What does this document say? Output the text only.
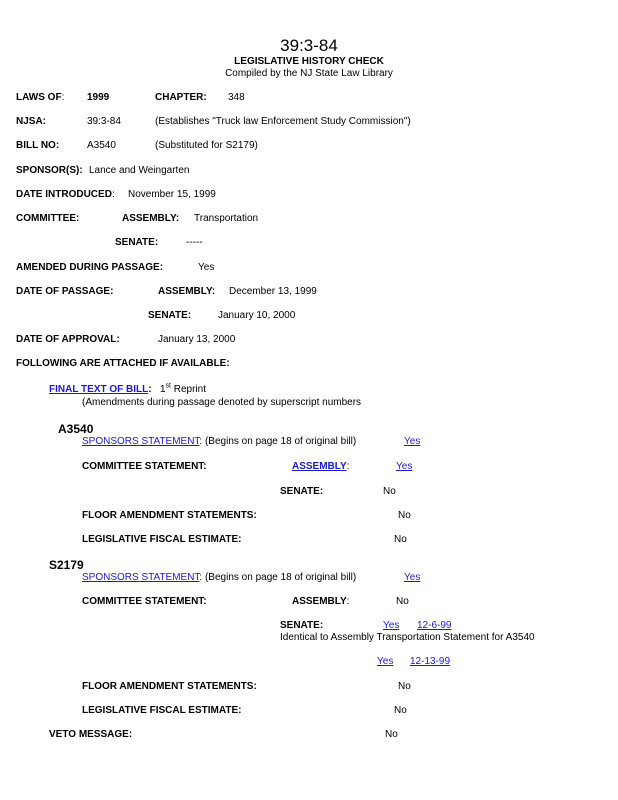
39:3-84
LEGISLATIVE HISTORY CHECK
Compiled by the NJ State Law Library
LAWS OF: 1999	CHAPTER: 348
NJSA:	39:3-84	(Establishes "Truck law Enforcement Study Commission")
BILL NO:	A3540	(Substituted for S2179)
SPONSOR(S): Lance and Weingarten
DATE INTRODUCED: November 15, 1999
COMMITTEE:	ASSEMBLY: Transportation
SENATE:	-----
AMENDED DURING PASSAGE:	Yes
DATE OF PASSAGE:	ASSEMBLY: December 13, 1999
SENATE:	January 10, 2000
DATE OF APPROVAL:	January 13, 2000
FOLLOWING ARE ATTACHED IF AVAILABLE:
FINAL TEXT OF BILL: 1st Reprint
(Amendments during passage denoted by superscript numbers
A3540
SPONSORS STATEMENT: (Begins on page 18 of original bill)	Yes
COMMITTEE STATEMENT:	ASSEMBLY:	Yes
SENATE:	No
FLOOR AMENDMENT STATEMENTS:	No
LEGISLATIVE FISCAL ESTIMATE:	No
S2179
SPONSORS STATEMENT: (Begins on page 18 of original bill)	Yes
COMMITTEE STATEMENT:	ASSEMBLY:	No
SENATE:	Yes 12-6-99
Identical to Assembly Transportation Statement for A3540
Yes 12-13-99
FLOOR AMENDMENT STATEMENTS:	No
LEGISLATIVE FISCAL ESTIMATE:	No
VETO MESSAGE:	No
